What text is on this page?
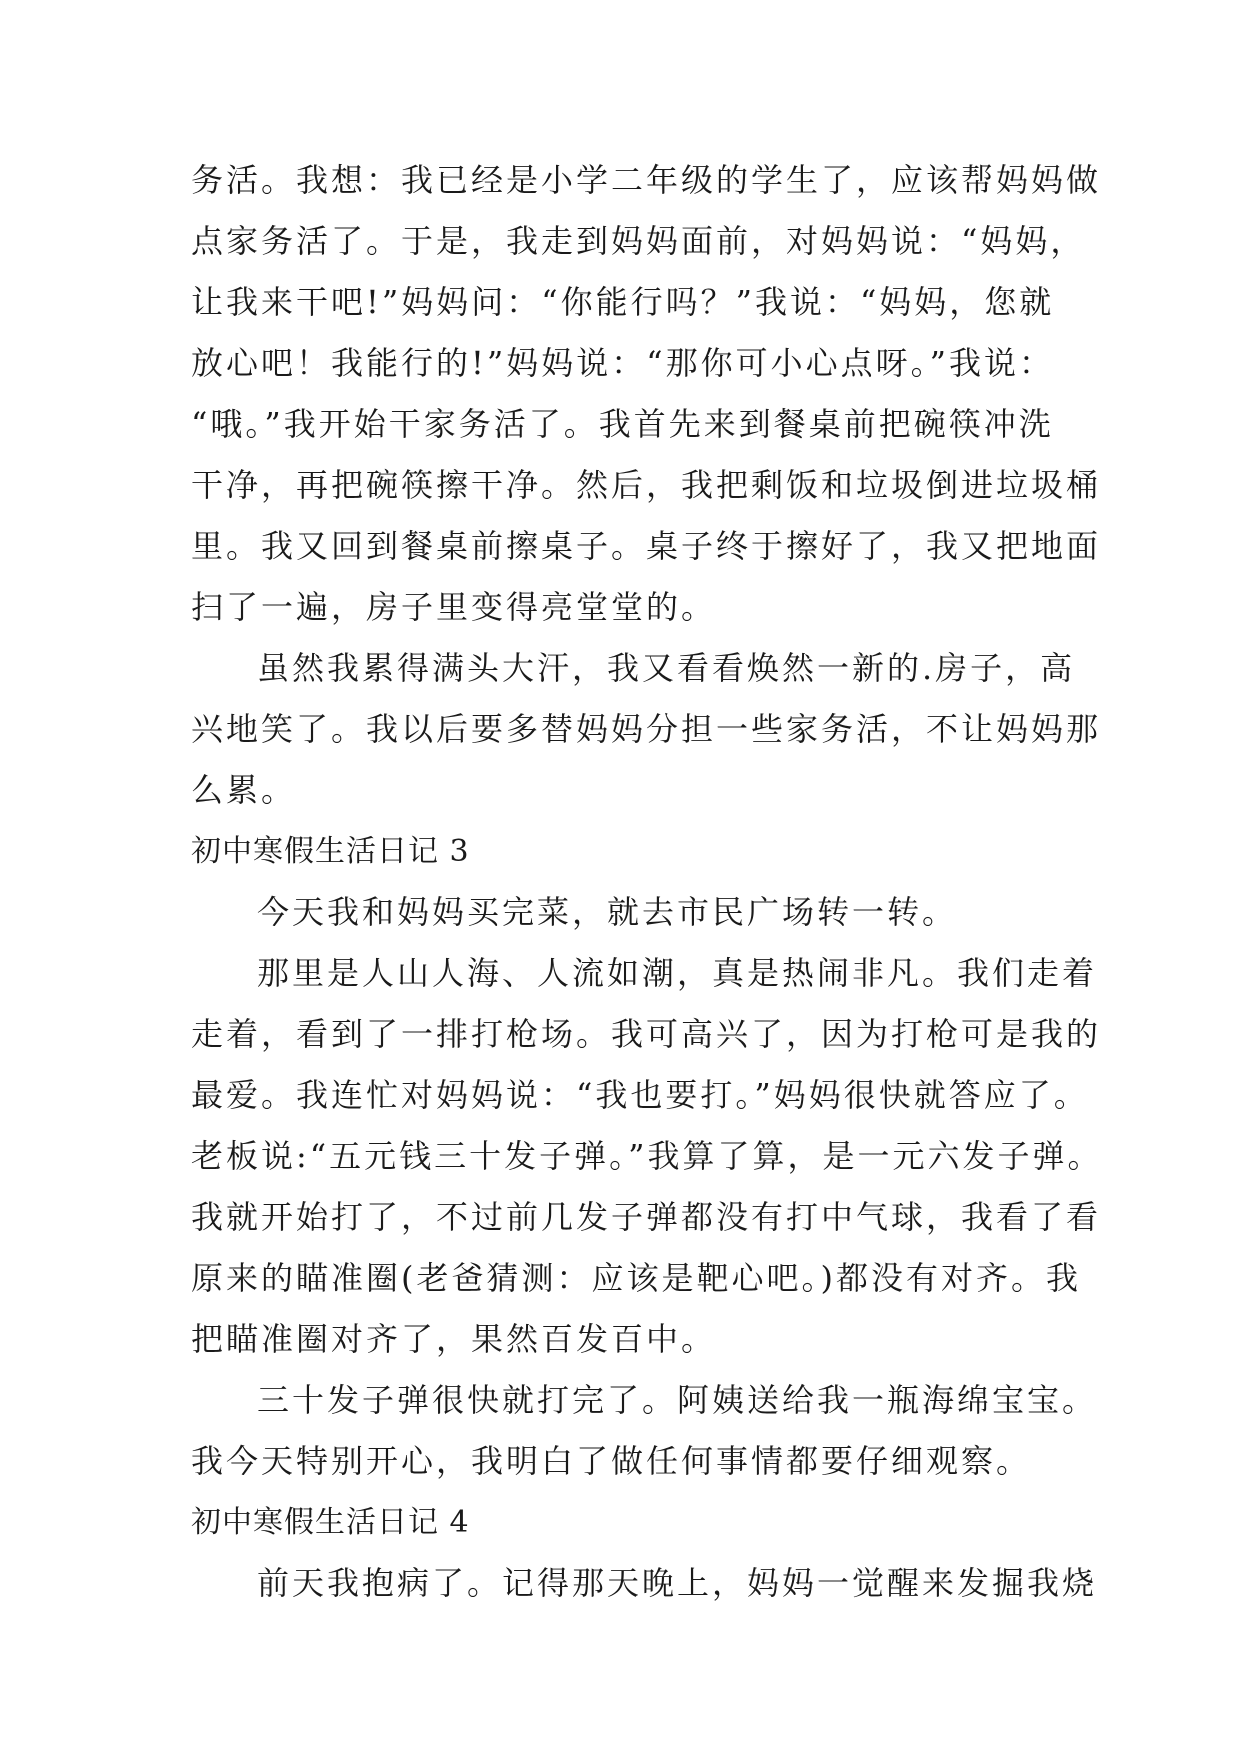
务活。我想：我已经是小学二年级的学生了，应该帮妈妈做
点家务活了。于是，我走到妈妈面前，对妈妈说：“妈妈，
让我来干吧!”妈妈问：“你能行吗？”我说：“妈妈，您就
放心吧！我能行的!”妈妈说：“那你可小心点呀。”我说：
“哦。”我开始干家务活了。我首先来到餐桌前把碗筷冲洗
干净，再把碗筷擦干净。然后，我把剩饭和垃圾倒进垃圾桶
里。我又回到餐桌前擦桌子。桌子终于擦好了，我又把地面
扫了一遍，房子里变得亮堂堂的。
虽然我累得满头大汗，我又看看焕然一新的.房子，高
兴地笑了。我以后要多替妈妈分担一些家务活，不让妈妈那
么累。
初中寒假生活日记 3
今天我和妈妈买完菜，就去市民广场转一转。
那里是人山人海、人流如潮，真是热闹非凡。我们走着
走着，看到了一排打枪场。我可高兴了，因为打枪可是我的
最爱。我连忙对妈妈说：“我也要打。”妈妈很快就答应了。
老板说:“五元钱三十发子弹。”我算了算，是一元六发子弹。
我就开始打了，不过前几发子弹都没有打中气球，我看了看
原来的瞄准圈(老爸猜测：应该是靶心吧。)都没有对齐。我
把瞄准圈对齐了，果然百发百中。
三十发子弹很快就打完了。阿姨送给我一瓶海绵宝宝。
我今天特别开心，我明白了做任何事情都要仔细观察。
初中寒假生活日记 4
前天我抱病了。记得那天晚上，妈妈一觉醒来发掘我烧
